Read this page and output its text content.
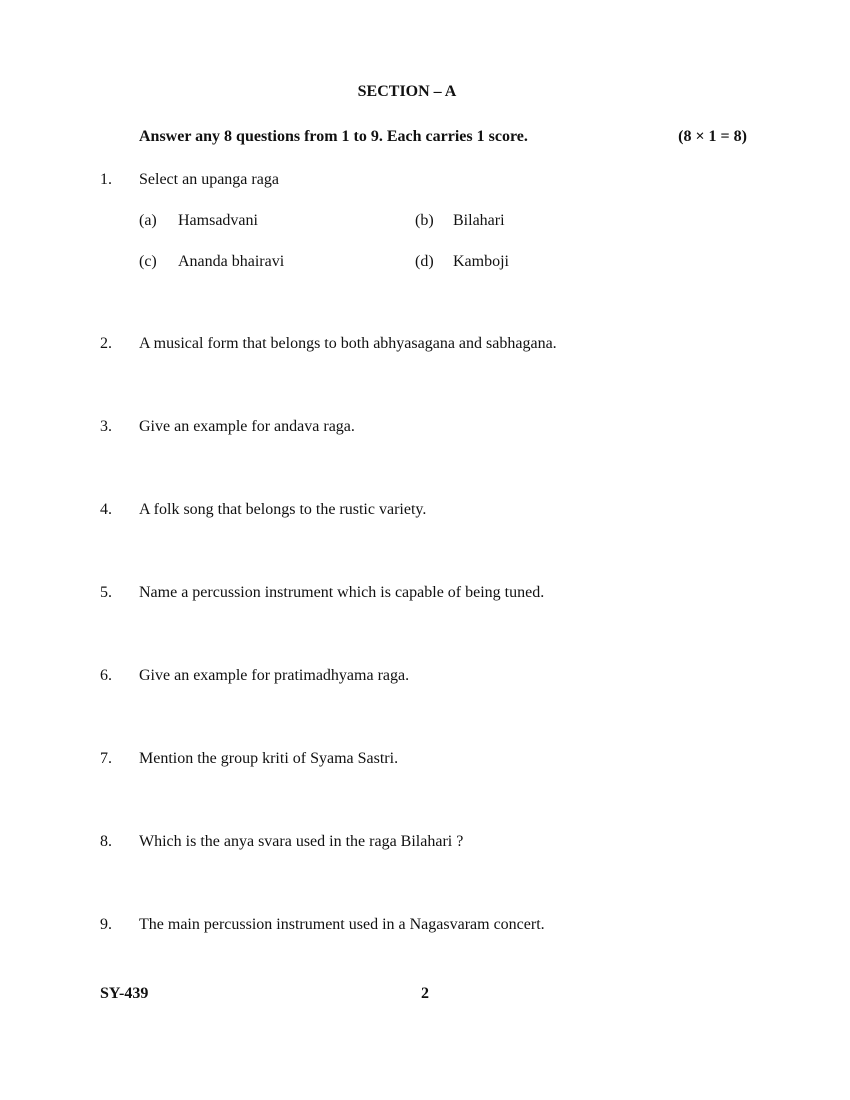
SECTION – A
Answer any 8 questions from 1 to 9. Each carries 1 score.	(8 × 1 = 8)
1. Select an upanga raga
(a) Hamsadvani	(b) Bilahari
(c) Ananda bhairavi	(d) Kamboji
2. A musical form that belongs to both abhyasagana and sabhagana.
3. Give an example for andava raga.
4. A folk song that belongs to the rustic variety.
5. Name a percussion instrument which is capable of being tuned.
6. Give an example for pratimadhyama raga.
7. Mention the group kriti of Syama Sastri.
8. Which is the anya svara used in the raga Bilahari ?
9. The main percussion instrument used in a Nagasvaram concert.
SY-439	2
